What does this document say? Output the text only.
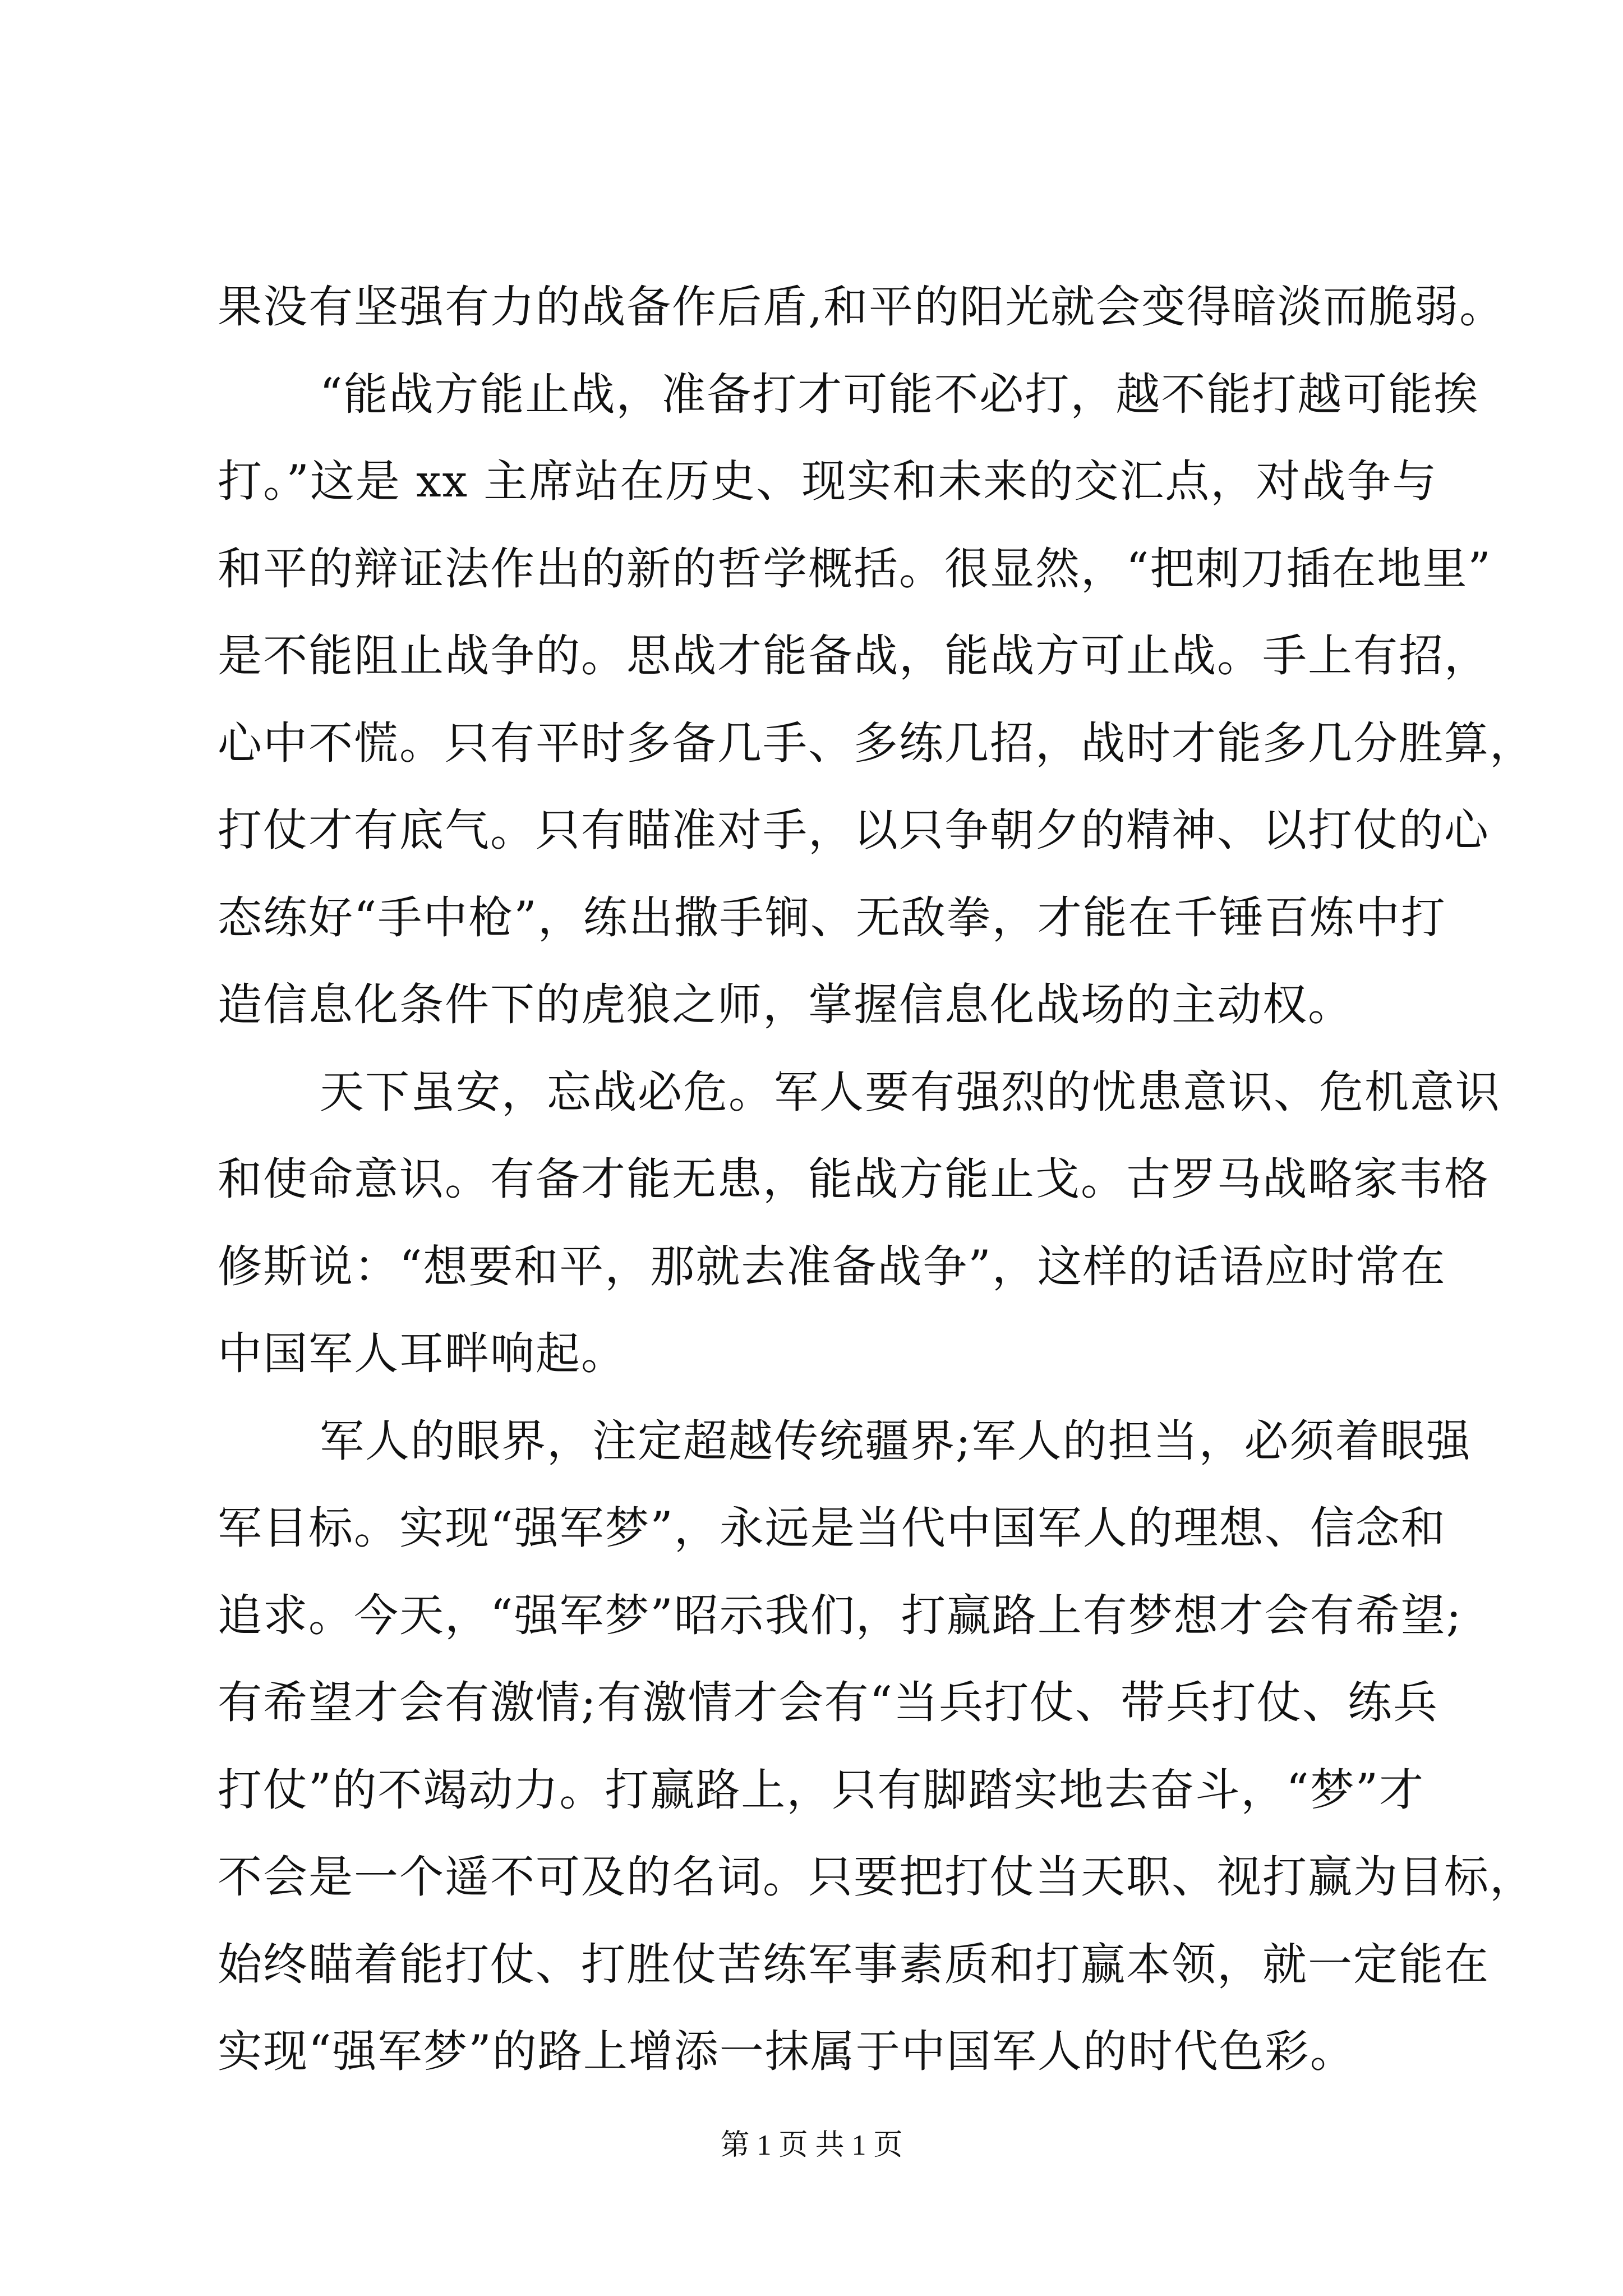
果没有坚强有力的战备作后盾,和平的阳光就会变得暗淡而脆弱。
“能战方能止战，准备打才可能不必打，越不能打越可能挨
打。”这是 xx 主席站在历史、现实和未来的交汇点，对战争与
和平的辩证法作出的新的哲学概括。很显然，“把刺刀插在地里”
是不能阻止战争的。思战才能备战，能战方可止战。手上有招，
心中不慌。只有平时多备几手、多练几招，战时才能多几分胜算，
打仗才有底气。只有瞄准对手，以只争朝夕的精神、以打仗的心
态练好“手中枪”，练出撒手锏、无敌拳，才能在千锤百炼中打
造信息化条件下的虎狼之师，掌握信息化战场的主动权。
天下虽安，忘战必危。军人要有强烈的忧患意识、危机意识
和使命意识。有备才能无患，能战方能止戈。古罗马战略家韦格
修斯说：“想要和平，那就去准备战争”，这样的话语应时常在
中国军人耳畔响起。
军人的眼界，注定超越传统疆界;军人的担当，必须着眼强
军目标。实现“强军梦”，永远是当代中国军人的理想、信念和
追求。今天，“强军梦”昭示我们，打赢路上有梦想才会有希望;
有希望才会有激情;有激情才会有“当兵打仗、带兵打仗、练兵
打仗”的不竭动力。打赢路上，只有脚踏实地去奋斗，“梦”才
不会是一个遥不可及的名词。只要把打仗当天职、视打赢为目标，
始终瞄着能打仗、打胜仗苦练军事素质和打赢本领，就一定能在
实现“强军梦”的路上增添一抹属于中国军人的时代色彩。
第 1 页 共 1 页
